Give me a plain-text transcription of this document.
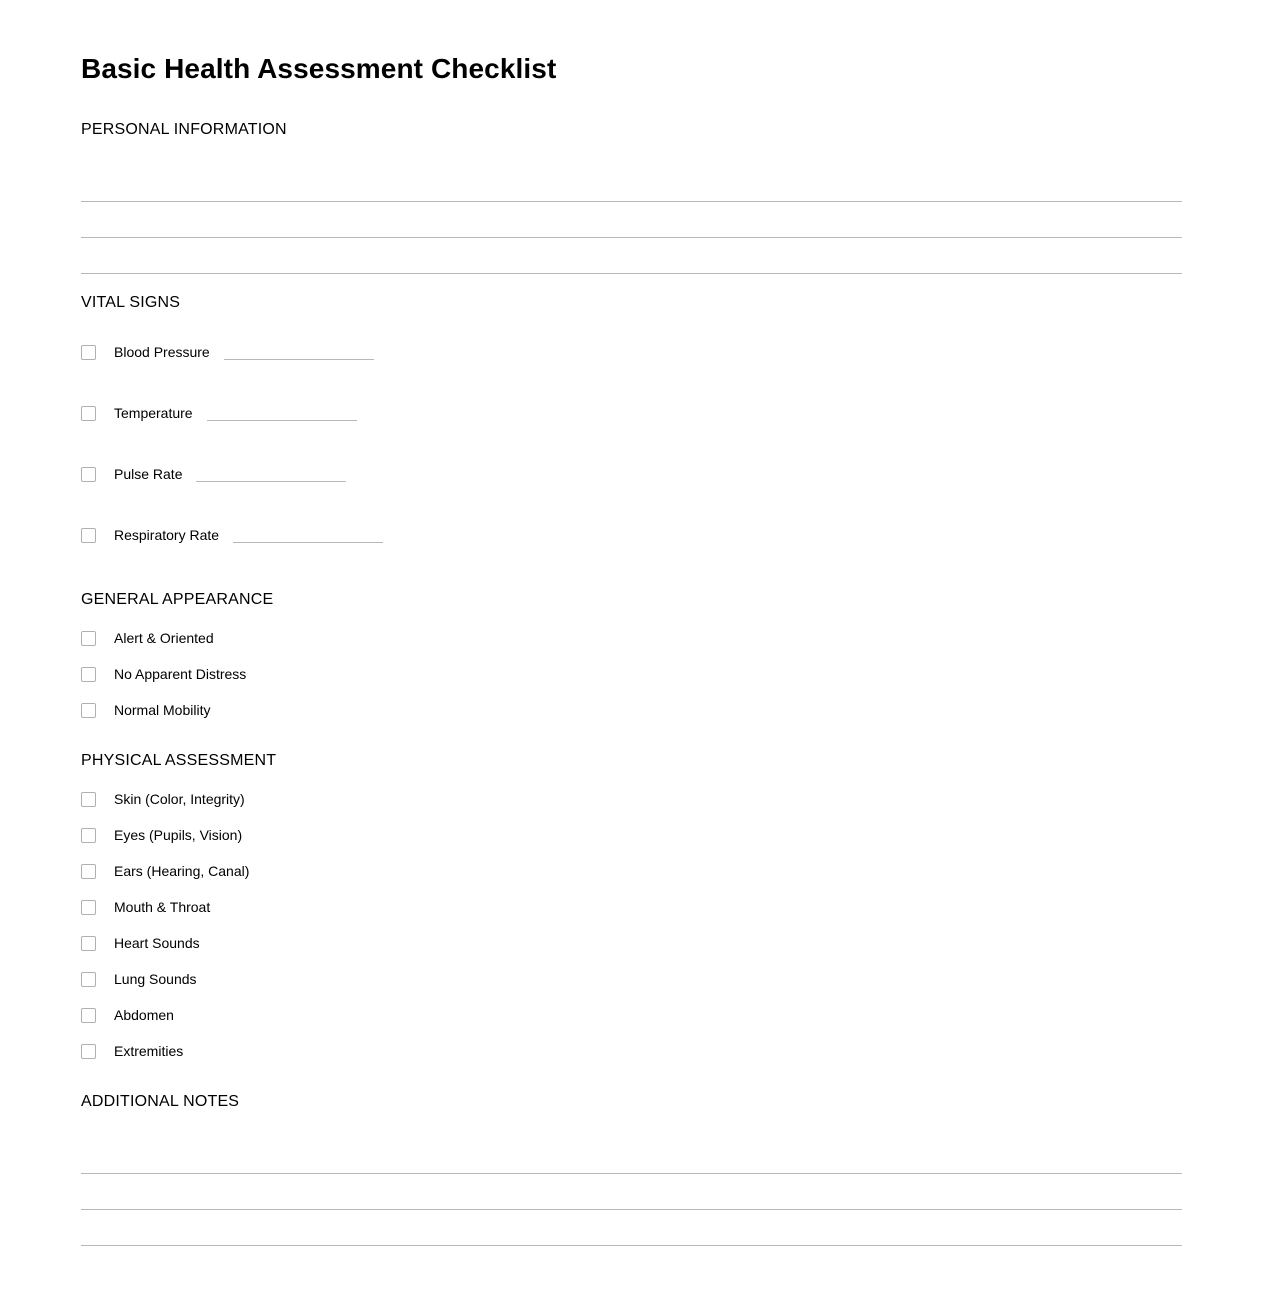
Basic Health Assessment Checklist
PERSONAL INFORMATION
VITAL SIGNS
Blood Pressure
Temperature
Pulse Rate
Respiratory Rate
GENERAL APPEARANCE
Alert & Oriented
No Apparent Distress
Normal Mobility
PHYSICAL ASSESSMENT
Skin (Color, Integrity)
Eyes (Pupils, Vision)
Ears (Hearing, Canal)
Mouth & Throat
Heart Sounds
Lung Sounds
Abdomen
Extremities
ADDITIONAL NOTES
